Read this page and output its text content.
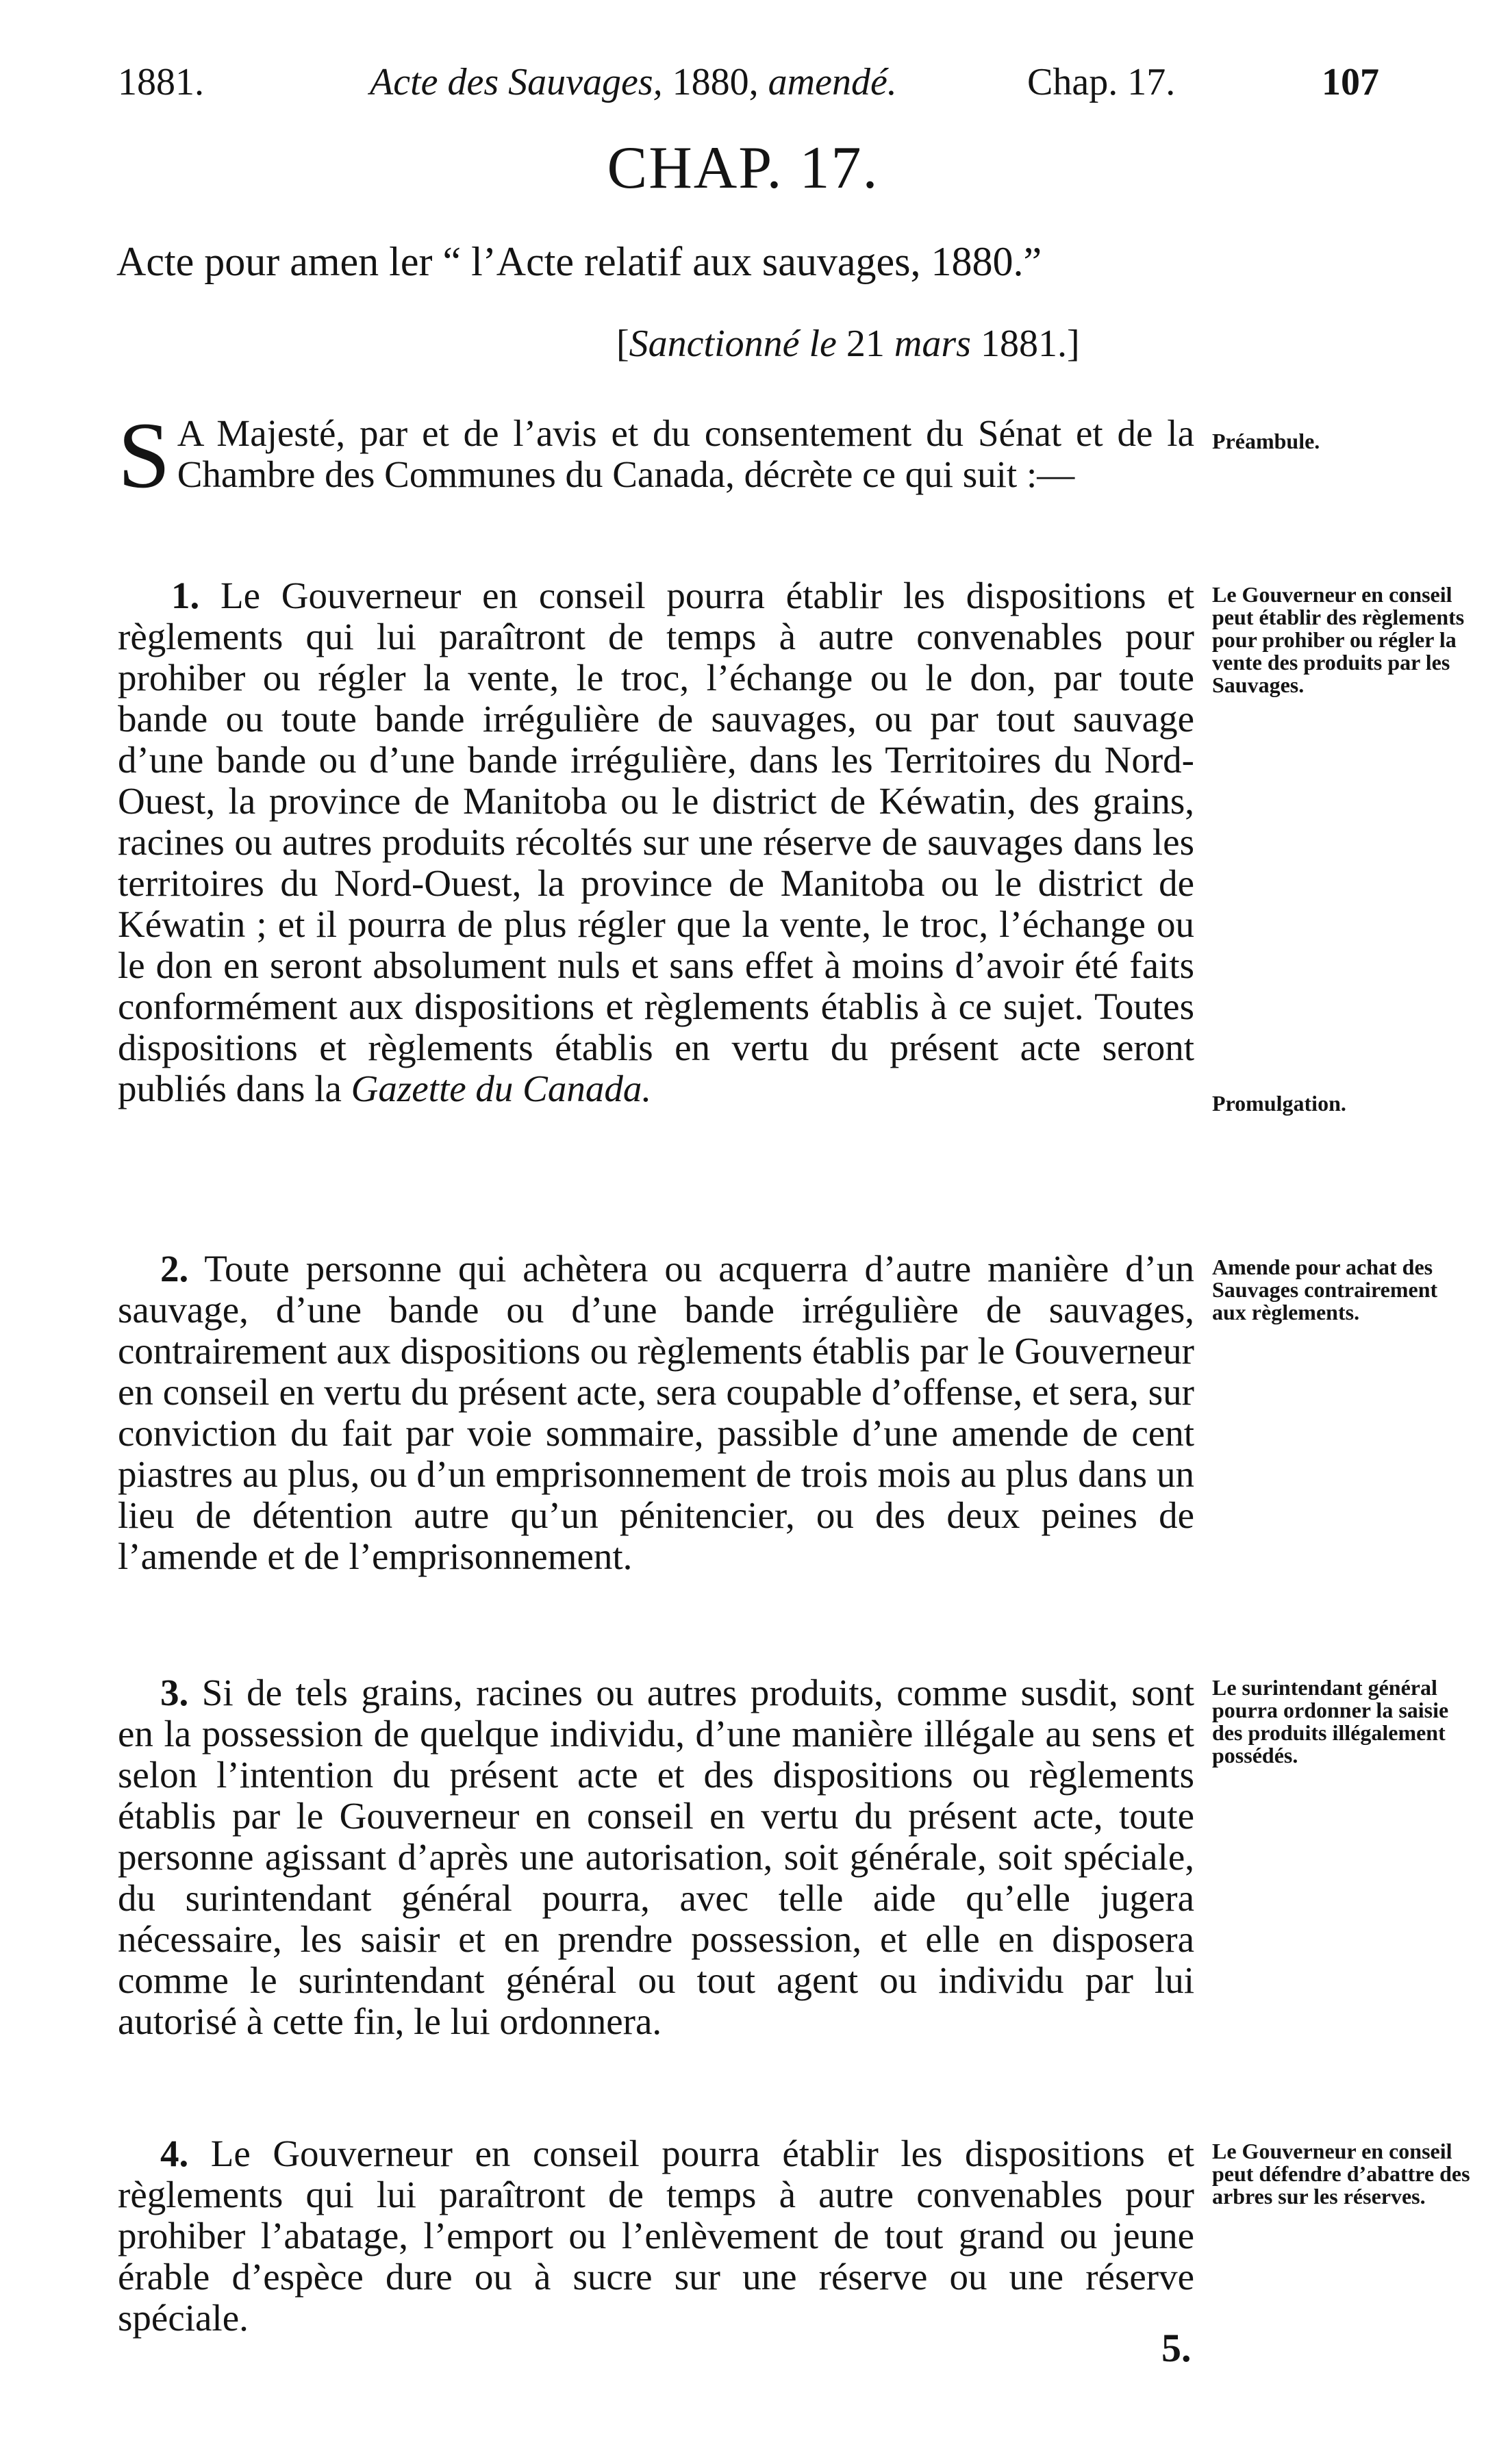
1881.	Acte des Sauvages, 1880, amendé.	Chap. 17.	107
CHAP. 17.
Acte pour amen ler “ l’Acte relatif aux sauvages, 1880.”
[Sanctionné le 21 mars 1881.]

S A Majesté, par et de l’avis et du consentement du Sénat et de la Chambre des Communes du Canada, décrète ce qui suit :—

Préambule.

1. Le Gouverneur en conseil pourra établir les dispositions et règlements qui lui paraîtront de temps à autre convenables pour prohiber ou régler la vente, le troc, l’échange ou le don, par toute bande ou toute bande irrégulière de sauvages, ou par tout sauvage d’une bande ou d’une bande irrégulière, dans les Territoires du Nord-Ouest, la province de Manitoba ou le district de Kéwatin, des grains, racines ou autres produits récoltés sur une réserve de sauvages dans les territoires du Nord-Ouest, la province de Manitoba ou le district de Kéwatin ; et il pourra de plus régler que la vente, le troc, l’échange ou le don en seront absolument nuls et sans effet à moins d’avoir été faits conformément aux dispositions et règlements établis à ce sujet. Toutes dispositions et règlements établis en vertu du présent acte seront publiés dans la Gazette du Canada.

Le Gouverneur en conseil peut établir des règlements pour prohiber ou régler la vente des produits par les Sauvages.
Promulgation.

2. Toute personne qui achètera ou acquerra d’autre manière d’un sauvage, d’une bande ou d’une bande irrégulière de sauvages, contrairement aux dispositions ou règlements établis par le Gouverneur en conseil en vertu du présent acte, sera coupable d’offense, et sera, sur conviction du fait par voie sommaire, passible d’une amende de cent piastres au plus, ou d’un emprisonnement de trois mois au plus dans un lieu de détention autre qu’un pénitencier, ou des deux peines de l’amende et de l’emprisonnement.

Amende pour achat des Sauvages contrairement aux règlements.

3. Si de tels grains, racines ou autres produits, comme susdit, sont en la possession de quelque individu, d’une manière illégale au sens et selon l’intention du présent acte et des dispositions ou règlements établis par le Gouverneur en conseil en vertu du présent acte, toute personne agissant d’après une autorisation, soit générale, soit spéciale, du surintendant général pourra, avec telle aide qu’elle jugera nécessaire, les saisir et en prendre possession, et elle en disposera comme le surintendant général ou tout agent ou individu par lui autorisé à cette fin, le lui ordonnera.

Le surintendant général pourra ordonner la saisie des produits illégalement possédés.

4. Le Gouverneur en conseil pourra établir les dispositions et règlements qui lui paraîtront de temps à autre convenables pour prohiber l’abatage, l’emport ou l’enlèvement de tout grand ou jeune érable d’espèce dure ou à sucre sur une réserve ou une réserve spéciale.

Le Gouverneur en conseil peut défendre d’abattre des arbres sur les réserves.
5.
